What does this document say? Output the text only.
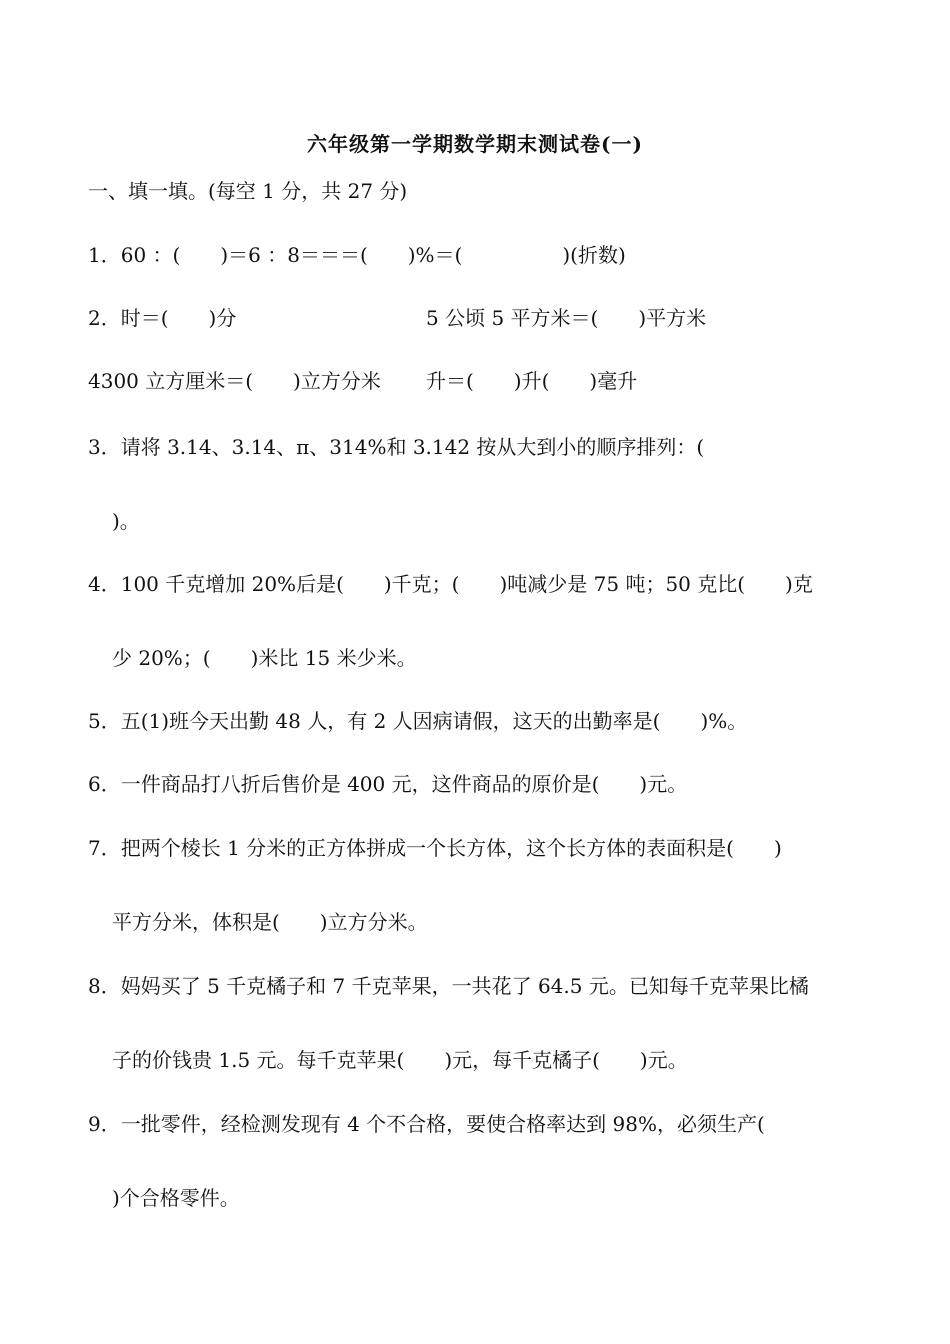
六年级第一学期数学期末测试卷(一)
一、填一填。(每空 1 分，共 27 分)
1．60 ：(　　)＝6 ：8＝＝＝(　　)%＝(　　　　　)(折数)
2．时＝(　　)分	5 公顷 5 平方米＝(　　)平方米
4300 立方厘米＝(　　)立方分米 升＝(　　)升(　　)毫升
3．请将 3.14、3.14、π、314%和 3.142 按从大到小的顺序排列：(
)。
4．100 千克增加 20%后是(　　)千克；(　　)吨减少是 75 吨；50 克比(　　)克
少 20%；(　　)米比 15 米少米。
5．五(1)班今天出勤 48 人，有 2 人因病请假，这天的出勤率是(　　)%。
6．一件商品打八折后售价是 400 元，这件商品的原价是(　　)元。
7．把两个棱长 1 分米的正方体拼成一个长方体，这个长方体的表面积是(　　)
平方分米，体积是(　　)立方分米。
8．妈妈买了 5 千克橘子和 7 千克苹果，一共花了 64.5 元。已知每千克苹果比橘
子的价钱贵 1.5 元。每千克苹果(　　)元，每千克橘子(　　)元。
9．一批零件，经检测发现有 4 个不合格，要使合格率达到 98%，必须生产(
)个合格零件。
